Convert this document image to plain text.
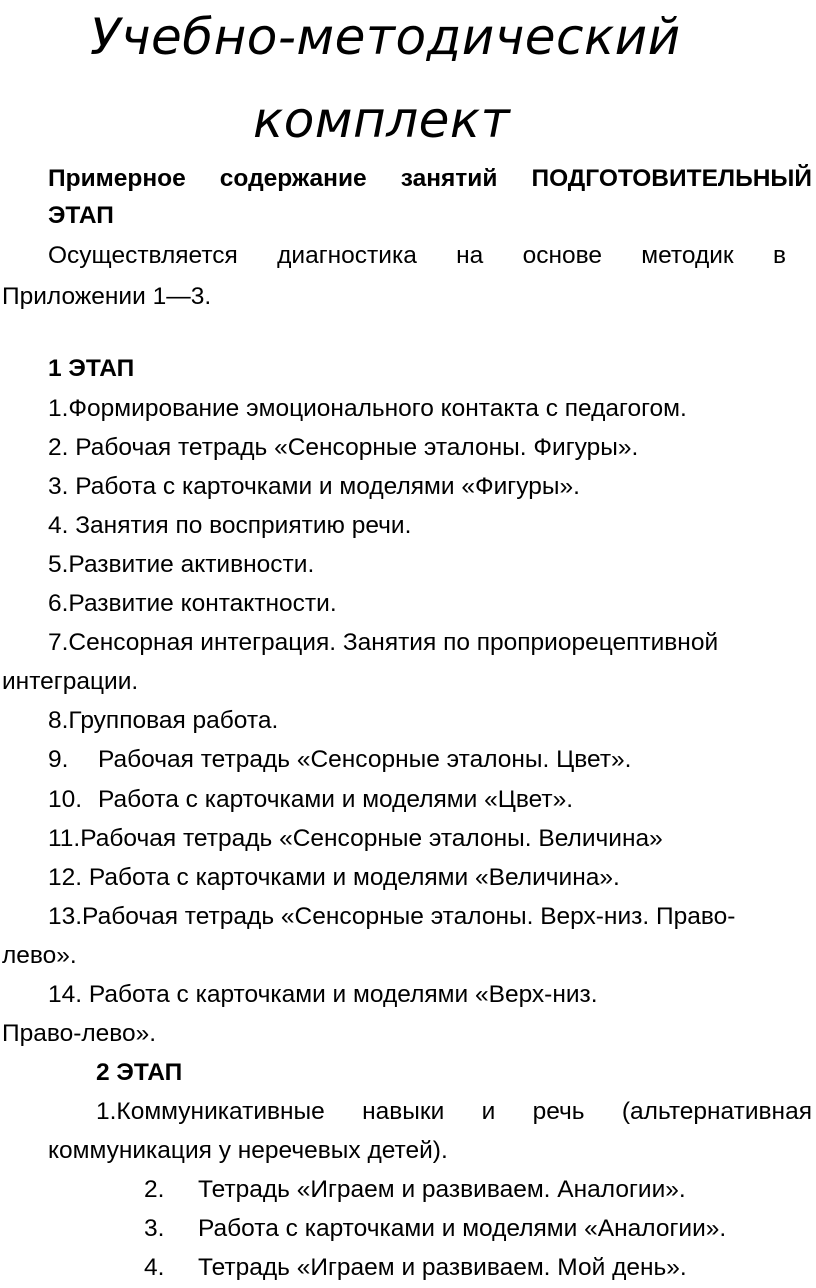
Учебно-методический
комплект
Примерное содержание занятий ПОДГОТОВИТЕЛЬНЫЙ
ЭТАП
Осуществляется диагностика на основе методик в
Приложении 1—3.
1 ЭТАП
1.Формирование эмоционального контакта с педагогом.
2. Рабочая тетрадь «Сенсорные эталоны. Фигуры».
3. Работа с карточками и моделями «Фигуры».
4. Занятия по восприятию речи.
5.Развитие активности.
6.Развитие контактности.
7.Сенсорная интеграция. Занятия по проприорецептивной
интеграции.
8.Групповая работа.
9. Рабочая тетрадь «Сенсорные эталоны. Цвет».
10. Работа с карточками и моделями «Цвет».
11.Рабочая тетрадь «Сенсорные эталоны. Величина»
12. Работа с карточками и моделями «Величина».
13.Рабочая тетрадь «Сенсорные эталоны. Верх-низ. Право-
лево».
14. Работа с карточками и моделями «Верх-низ.
Право-лево».
2 ЭТАП
1.Коммуникативные навыки и речь (альтернативная
коммуникация у неречевых детей).
2. Тетрадь «Играем и развиваем. Аналогии».
3. Работа с карточками и моделями «Аналогии».
4. Тетрадь «Играем и развиваем. Мой день».
